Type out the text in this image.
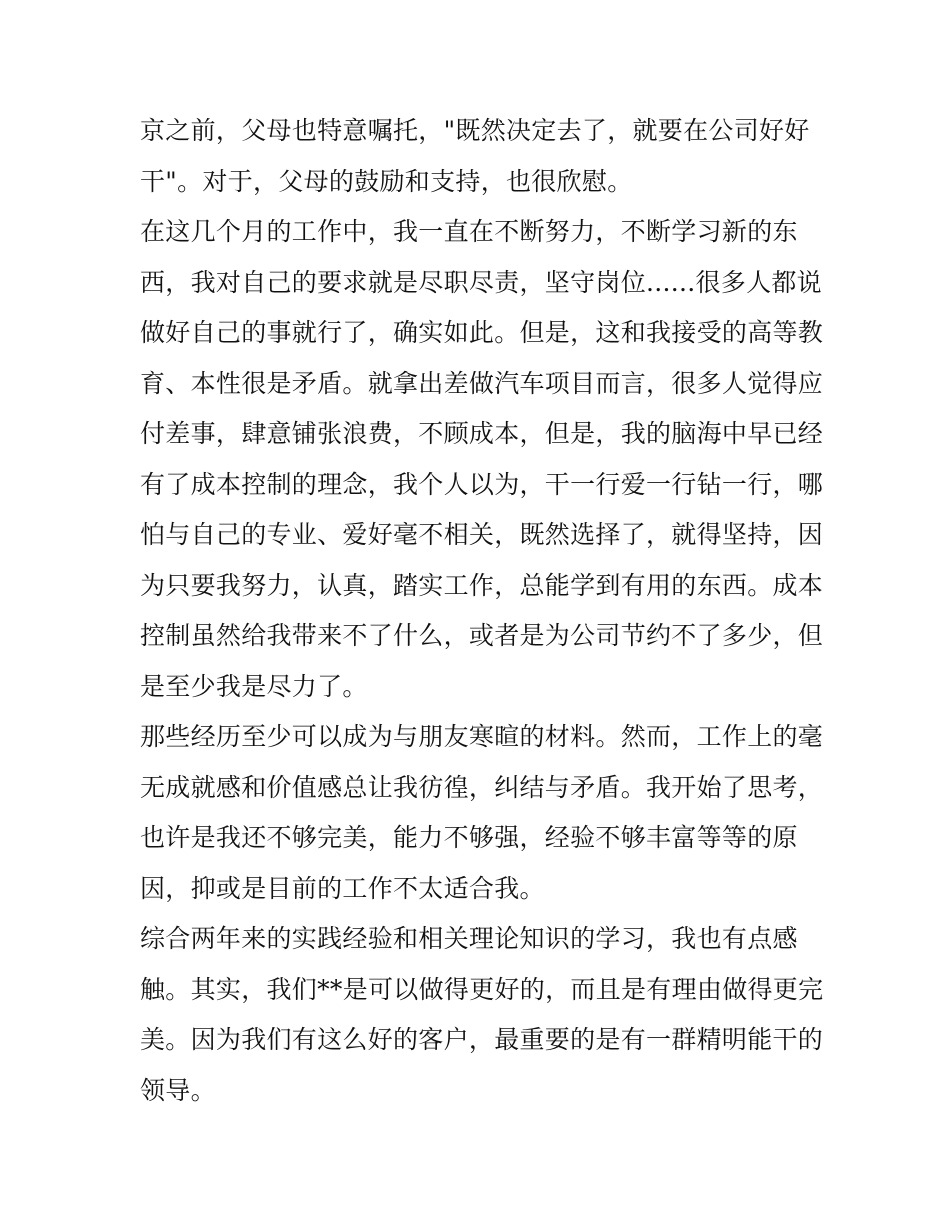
京之前，父母也特意嘱托，"既然决定去了，就要在公司好好
干"。对于，父母的鼓励和支持，也很欣慰。
在这几个月的工作中，我一直在不断努力，不断学习新的东
西，我对自己的要求就是尽职尽责，坚守岗位......很多人都说
做好自己的事就行了，确实如此。但是，这和我接受的高等教
育、本性很是矛盾。就拿出差做汽车项目而言，很多人觉得应
付差事，肆意铺张浪费，不顾成本，但是，我的脑海中早已经
有了成本控制的理念，我个人以为，干一行爱一行钻一行，哪
怕与自己的专业、爱好毫不相关，既然选择了，就得坚持，因
为只要我努力，认真，踏实工作，总能学到有用的东西。成本
控制虽然给我带来不了什么，或者是为公司节约不了多少，但
是至少我是尽力了。
那些经历至少可以成为与朋友寒暄的材料。然而，工作上的毫
无成就感和价值感总让我彷徨，纠结与矛盾。我开始了思考，
也许是我还不够完美，能力不够强，经验不够丰富等等的原
因，抑或是目前的工作不太适合我。
综合两年来的实践经验和相关理论知识的学习，我也有点感
触。其实，我们**是可以做得更好的，而且是有理由做得更完
美。因为我们有这么好的客户，最重要的是有一群精明能干的
领导。
